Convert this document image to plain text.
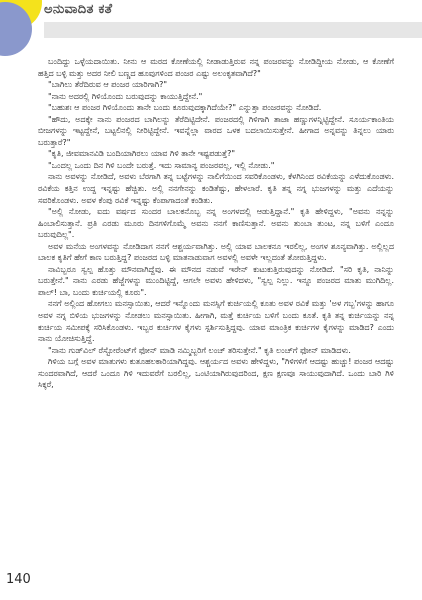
ಅನುವಾದಿತ ಕತೆ

ಬಂದಿದ್ದು ಒಳ್ಳೆಯದಾಯಿತು. ನೀನು ಆ ಮರದ ಕೋಣೆಯಲ್ಲಿ ನೀಡಾಡುತ್ತಿರುವ ನನ್ನ ಪಂಜರವನ್ನು ನೋಡಿದ್ದೀಯ ನೋಡು, ಆ ಕೋಣೆಗೆ ಹತ್ತಿದ ಬಳ್ಳಿ ಮತ್ತು ಅದರ ನೀಲಿ ಬಣ್ಣದ ಹೂವುಗಳಿಂದ ಪಂಜರ ಎಷ್ಟು ಅಲಂಕೃತವಾಗಿದೆ?"

"ಬಾಗಿಲು ತೆರೆದಿರುವ ಆ ಪಂಜರ ಯಾರಿಗಾಗಿ?"

"ನಾನು ಅದರಲ್ಲಿ ಗಿಳಿಯೊಂದು ಬರುವುದನ್ನು ಕಾಯುತ್ತಿದ್ದೇನೆ."

"ಬಹುಶಃ ಆ ಪಂಜರ ಗಿಳಿಯೊಂದು ತಾನೇ ಬಂದು ಕೂರುವುದಕ್ಕಾಗಿದೆಯೇ?" ಎನ್ನುತ್ತಾ ಪಂಜರವನ್ನು ನೋಡಿದೆ.

"ಹೌದು, ಅದಕ್ಕೇ ನಾನು ಪಂಜರದ ಬಾಗಿಲನ್ನು ತೆರೆದಿಟ್ಟಿದೇನೆ. ಪಂಜರದಲ್ಲಿ ಗಿಳಿಗಾಗಿ ತಾಜಾ ಹಣ್ಣುಗಳನ್ನಿಟ್ಟಿದ್ದೇನೆ. ಸೂರ್ಯಕಾಂತಿಯ ಬೀಜಗಳನ್ನು ಇಟ್ಟದ್ದೇನೆ, ಬಟ್ಟಲಿನಲ್ಲಿ ನೀರಿಟ್ಟಿದ್ದೇನೆ. ಇವನ್ನೆಲ್ಲಾ ವಾರದ ಒಳಕ ಬದಲಾಯಿಸುತ್ತೇನೆ. ಹೀಗಾದ ಅನ್ನವನ್ನು ತಿನ್ನಲು ಯಾರು ಬರುತ್ತಾರೆ?"

"ಕೃತಿ, ಜೀವಮಾನವಿಡಿ ಬಂದಿಯಾಗಿರಲು ಯಾವ ಗಿಳಿ ತಾನೇ ಇಷ್ಟಪಡುತ್ತೆ?"

"ಒಂದಲ್ಲ ಒಂದು ದಿನ ಗಿಳಿ ಬಂದೇ ಬರುತ್ತೆ. ಇದು ಸಾಮಾನ್ಯ ಪಂಜರವಲ್ಲ, ಇಲ್ಲಿ ನೋಡು."

ನಾನು ಅವಳನ್ನು ನೋಡಿದೆ, ಅವಳು ಬೆರಗಾಗಿ ತನ್ನ ಬಟ್ಟೆಗಳನ್ನು ನಾಲಿಗೆಯಿಂದ ಸವರಿಕೊಂಡಳು, ಕೆಳಗಿನಿಂದ ರವಿಕೆಯನ್ನು ಎಳೆದುಕೊಂಡಳು. ರವಿಕೆಯ ಕತ್ತಿನ ಉದ್ದ ಇನ್ನಷ್ಟು ಹೆಚ್ಚಿತು. ಅಲ್ಲಿ ನನಗೇನನ್ನು ಕಂಡಿತೆಷ್ಟು, ಹೇಳಲಾರೆ. ಕೃತಿ ತನ್ನ ನಗ್ನ ಭುಜಗಳನ್ನು ಮತ್ತು ಎದೆಯನ್ನು ಸವರಿಕೊಂಡಳು. ಅವಳ ಕೆಂಪು ರವಿಕೆ ಇನ್ನಷ್ಟು ಕೆಂಪಾಗಾದಂತೆ ಕಂಡಿತು.

"ಅಲ್ಲಿ ನೋಡು, ಐದು ವರ್ಷದ ಸುಂದರ ಬಾಲಕನೊಬ್ಬ ನನ್ನ ಅಂಗಳದಲ್ಲಿ ಆಡುತ್ತಿದ್ದಾನೆ." ಕೃತಿ ಹೇಳಿದ್ದಳು, "ಅವನು ನನ್ನನ್ನು ಹಿಂಬಾಲಿಸುತ್ತಾನೆ. ಪ್ರತಿ ಎರಡು ಮೂರು ದಿನಗಳಿಗೊಮ್ಮೆ ಅವನು ನನಗೆ ಕಾಣಿಸುತ್ತಾನೆ. ಅವನು ತುಂಬಾ ತುಂಟ, ನನ್ನ ಬಳಿಗೆ ಎಂದೂ ಬರುವುದಿಲ್ಲ".

ಅವಳ ಮನೆಯ ಅಂಗಳವನ್ನು ನೋಡಿದಾಗ ನನಗೆ ಆಶ್ಚರ್ಯವಾಗಿತ್ತು. ಅಲ್ಲಿ ಯಾವ ಬಾಲಕನೂ ಇರಲಿಲ್ಲ, ಅಂಗಳ ಶೂನ್ಯವಾಗಿತ್ತು. ಅಲ್ಲಿಲ್ಲದ ಬಾಲಕ ಕೃತಿಗೆ ಹೇಗೆ ಕಾಣ ಬರುತ್ತಿದ್ದ? ಪಂಜರದ ಬಳ್ಳಿ ಮಾತನಾಡುವಾಗ ಅವಳಲ್ಲಿ ಅವಳೇ ಇಲ್ಲದಂತೆ ತೋರುತ್ತಿದ್ದಳು.

ನಾವಿಬ್ಬರೂ ಸ್ವಲ್ಪ ಹೊತ್ತು ಮೌನವಾಗಿದ್ದೆವು. ಈ ಮೌನದ ನಡುವೆ ಇರೇನ್ ಕುಟುಕುತ್ತಿರುವುದನ್ನು ನೋಡಿದೆ. "ಸರಿ ಕೃತಿ, ನಾನಿನ್ನು ಬರುತ್ತೇನೆ." ನಾನು ಎರಡು ಹೆಜ್ಜೆಗಳನ್ನು ಮುಂದಿಟ್ಟಿದ್ದೆ, ಆಗಲೇ ಅವಳು ಹೇಳಿದಳು, "ಸ್ವಲ್ಪ ನಿಲ್ಲು. ಇನ್ನೂ ಪಂಜರದ ಮಾತು ಮುಗಿದಿಲ್ಲ. ಪಾಲ್! ಬಾ, ಬಂದು ಕುರ್ಚಿಯಲ್ಲಿ ಕೂರು".

ನನಗೆ ಅಲ್ಲಿಂದ ಹೋಗಲು ಮನಸ್ಸಾಯಿತು, ಆದರೆ ಇನ್ನೊಂದು ಮನಸ್ಸಿಗೆ ಕುರ್ಚಿಯಲ್ಲಿ ಕೂತು ಅವಳ ರವಿಕೆ ಮತ್ತು 'ಅಳ ಗಬ್ಬ'ಗಳನ್ನು ಹಾಗೂ ಅವಳ ನಗ್ನ ಬಿಳಿಯ ಭುಜಗಳನ್ನು ನೋಡಲು ಮನಸ್ಸಾಯಿತು. ಹೀಗಾಗಿ, ಮತ್ತೆ ಕುರ್ಚಿಯ ಬಳಿಗೆ ಬಂದು ಕೂತೆ. ಕೃತಿ ತನ್ನ ಕುರ್ಚಿಯನ್ನು ನನ್ನ ಕುರ್ಚಿಯ ಸಮೀಪಕ್ಕೆ ಸರಿಸಿಕೊಂಡಳು. ಇಬ್ಬರ ಕುರ್ಚಿಗಳ ಕೈಗಳು ಸ್ಪರ್ಶಿಸುತ್ತಿದ್ದವು. ಯಾವ ಮಾಂತ್ರಿಕ ಕುರ್ಚಿಗಳ ಕೈಗಳನ್ನು ಮಾಡಿದ? ಎಂದು ನಾನು ಯೋಚಿಸುತ್ತಿದ್ದೆ.

"ನಾನು ಗುಡ್‌ವಿಲ್ ರೆಸ್ಟೋರೆಂಟ್‌ಗೆ ಫೋನ್ ಮಾಡಿ ನಮ್ಮಿಬ್ಬರಿಗೆ ಲಂಚ್ ತರಿಸುತ್ತೇನೆ." ಕೃತಿ ಲಂಚ್‌ಗೆ ಫೋನ್ ಮಾಡಿದಳು.

ಗಿಳಿಯ ಬಗ್ಗೆ ಅವಳ ಮಾತುಗಳು ಕುತೂಹಲಕಾರಿಯಾಗಿದ್ದವು. ಆಶ್ಚರ್ಯದ ಅವಳು ಹೇಳಿದ್ದಳು, "ಗಿಳಿಗಳಿಗೆ ಆದಷ್ಟು ಹುಚ್ಚು! ಪಂಜರ ಆದಷ್ಟು ಸುಂದರವಾಗಿದೆ, ಆದರೆ ಒಂದೂ ಗಿಳಿ ಇದುವರೆಗೆ ಬರಲಿಲ್ಲ, ಒಂಟಿಯಾಗಿರುವುದರಿಂದ, ಕ್ಷಣ ಕ್ಷಣವೂ ಸಾಯುವುದಾಗಿದೆ. ಒಂದು ಬಾರಿ ಗಿಳಿ ಸಿಕ್ಕರೆ,

140
